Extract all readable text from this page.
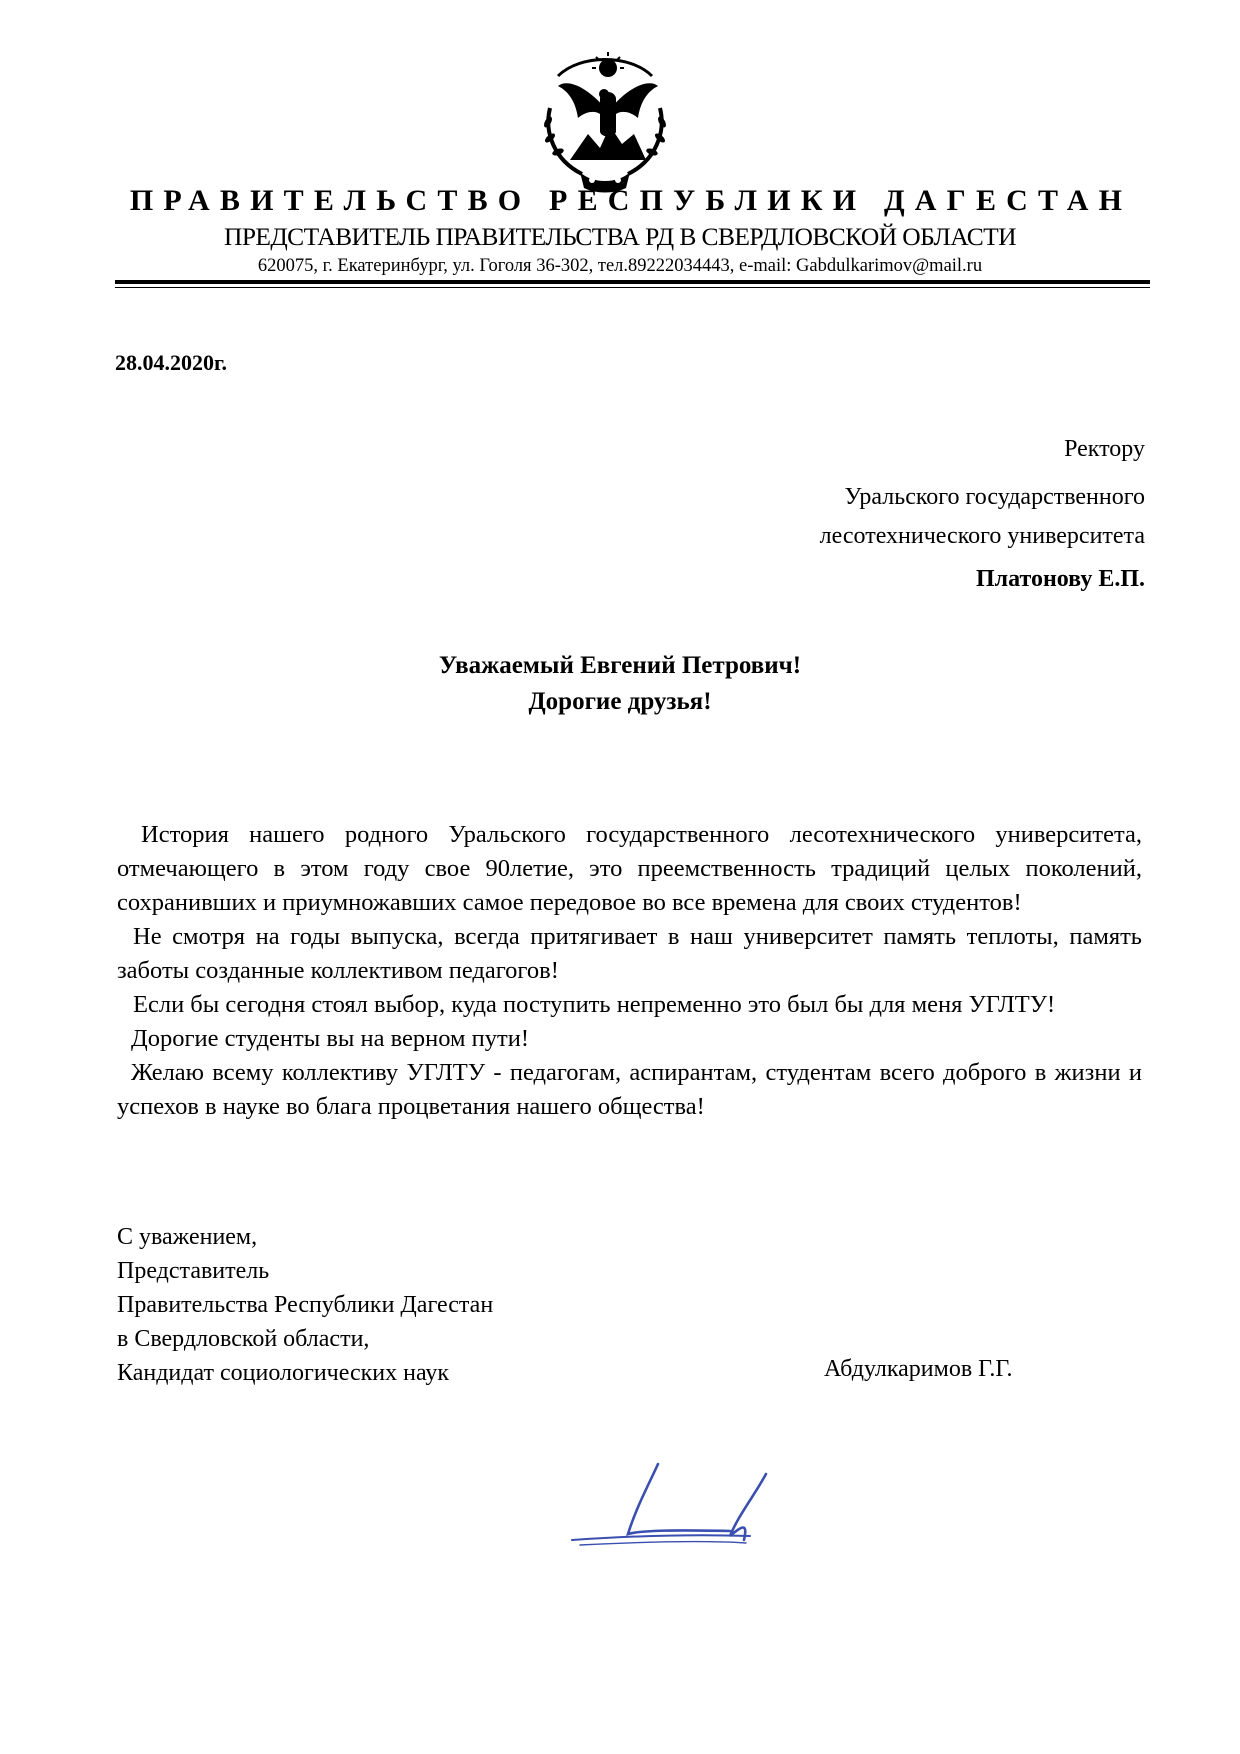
ПРАВИТЕЛЬСТВО РЕСПУБЛИКИ ДАГЕСТАН
ПРЕДСТАВИТЕЛЬ ПРАВИТЕЛЬСТВА РД В СВЕРДЛОВСКОЙ ОБЛАСТИ
620075, г. Екатеринбург, ул. Гоголя 36-302, тел.89222034443, e-mail: Gabdulkarimov@mail.ru
28.04.2020г.
Ректору
Уральского государственного
лесотехнического университета
Платонову Е.П.
Уважаемый Евгений Петрович!
Дорогие друзья!

История нашего родного Уральского государственного лесотехнического университета, отмечающего в этом году свое 90летие, это преемственность традиций целых поколений, сохранивших и приумножавших самое передовое во все времена для своих студентов!

Не смотря на годы выпуска, всегда притягивает в наш университет память теплоты, память заботы созданные коллективом педагогов!

Если бы сегодня стоял выбор, куда поступить непременно это был бы для меня УГЛТУ!

Дорогие студенты вы на верном пути!

Желаю всему коллективу УГЛТУ - педагогам, аспирантам, студентам всего доброго в жизни и успехов в науке во блага процветания нашего общества!

С уважением,
Представитель
Правительства Республики Дагестан
в Свердловской области,
Кандидат социологических наук	Абдулкаримов Г.Г.
